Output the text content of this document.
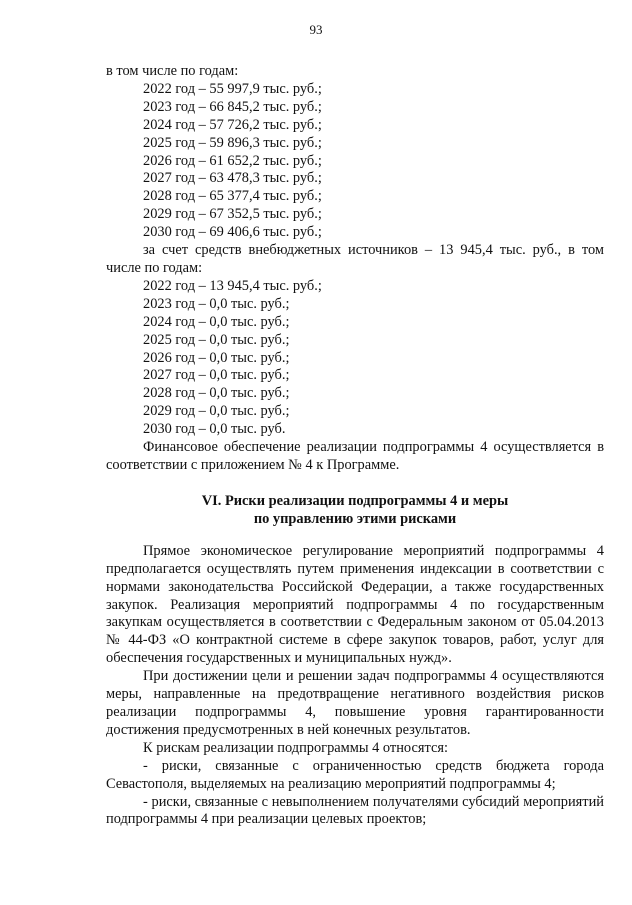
93
в том числе по годам:
2022 год – 55 997,9 тыс. руб.;
2023 год – 66 845,2 тыс. руб.;
2024 год – 57 726,2 тыс. руб.;
2025 год – 59 896,3 тыс. руб.;
2026 год – 61 652,2 тыс. руб.;
2027 год – 63 478,3 тыс. руб.;
2028 год – 65 377,4 тыс. руб.;
2029 год – 67 352,5 тыс. руб.;
2030 год – 69 406,6 тыс. руб.;
за счет средств внебюджетных источников – 13 945,4 тыс. руб., в том числе по годам:
2022 год – 13 945,4 тыс. руб.;
2023 год – 0,0 тыс. руб.;
2024 год – 0,0 тыс. руб.;
2025 год – 0,0 тыс. руб.;
2026 год – 0,0 тыс. руб.;
2027 год – 0,0 тыс. руб.;
2028 год – 0,0 тыс. руб.;
2029 год – 0,0 тыс. руб.;
2030 год – 0,0 тыс. руб.
Финансовое обеспечение реализации подпрограммы 4 осуществляется в соответствии с приложением № 4 к Программе.
VI. Риски реализации подпрограммы 4 и меры
по управлению этими рисками
Прямое экономическое регулирование мероприятий подпрограммы 4 предполагается осуществлять путем применения индексации в соответствии с нормами законодательства Российской Федерации, а также государственных закупок. Реализация мероприятий подпрограммы 4 по государственным закупкам осуществляется в соответствии с Федеральным законом от 05.04.2013 № 44-ФЗ «О контрактной системе в сфере закупок товаров, работ, услуг для обеспечения государственных и муниципальных нужд».
При достижении цели и решении задач подпрограммы 4 осуществляются меры, направленные на предотвращение негативного воздействия рисков реализации подпрограммы 4, повышение уровня гарантированности достижения предусмотренных в ней конечных результатов.
К рискам реализации подпрограммы 4 относятся:
- риски, связанные с ограниченностью средств бюджета города Севастополя, выделяемых на реализацию мероприятий подпрограммы 4;
- риски, связанные с невыполнением получателями субсидий мероприятий подпрограммы 4 при реализации целевых проектов;
